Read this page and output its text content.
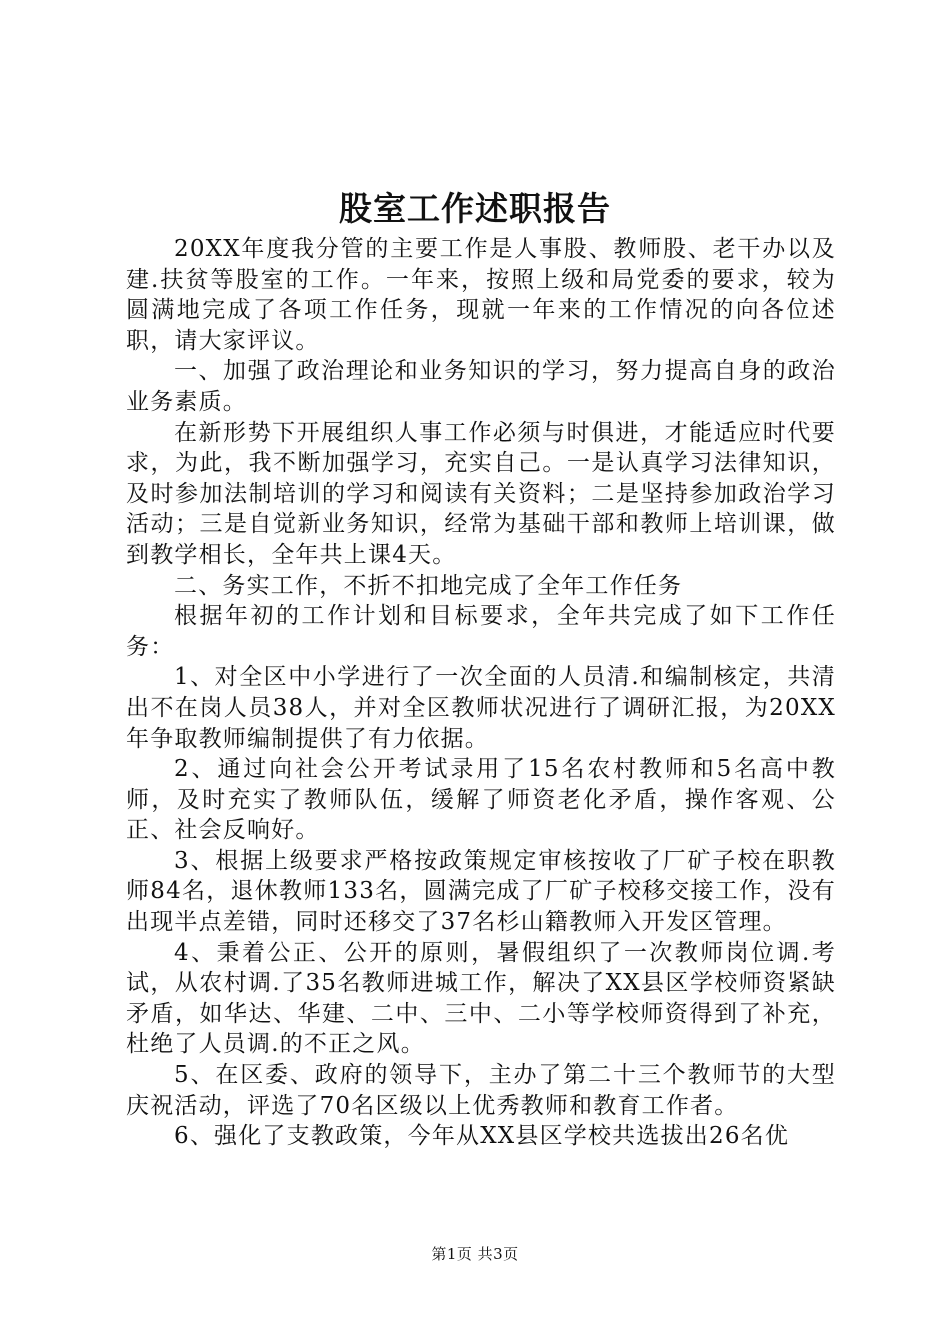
股室工作述职报告

20XX年度我分管的主要工作是人事股、教师股、老干办以及建.扶贫等股室的工作。一年来，按照上级和局党委的要求，较为圆满地完成了各项工作任务，现就一年来的工作情况的向各位述职，请大家评议。

一、加强了政治理论和业务知识的学习，努力提高自身的政治业务素质。

在新形势下开展组织人事工作必须与时俱进，才能适应时代要求，为此，我不断加强学习，充实自己。一是认真学习法律知识，及时参加法制培训的学习和阅读有关资料；二是坚持参加政治学习活动；三是自觉新业务知识，经常为基础干部和教师上培训课，做到教学相长，全年共上课4天。

二、务实工作，不折不扣地完成了全年工作任务

根据年初的工作计划和目标要求，全年共完成了如下工作任务：

1、对全区中小学进行了一次全面的人员清.和编制核定，共清出不在岗人员38人，并对全区教师状况进行了调研汇报，为20XX年争取教师编制提供了有力依据。

2、通过向社会公开考试录用了15名农村教师和5名高中教师，及时充实了教师队伍，缓解了师资老化矛盾，操作客观、公正、社会反响好。

3、根据上级要求严格按政策规定审核按收了厂矿子校在职教师84名，退休教师133名，圆满完成了厂矿子校移交接工作，没有出现半点差错，同时还移交了37名杉山籍教师入开发区管理。

4、秉着公正、公开的原则，暑假组织了一次教师岗位调.考试，从农村调.了35名教师进城工作，解决了XX县区学校师资紧缺矛盾，如华达、华建、二中、三中、二小等学校师资得到了补充，杜绝了人员调.的不正之风。

5、在区委、政府的领导下，主办了第二十三个教师节的大型庆祝活动，评选了70名区级以上优秀教师和教育工作者。

6、强化了支教政策，今年从XX县区学校共选拔出26名优

第1页 共3页
